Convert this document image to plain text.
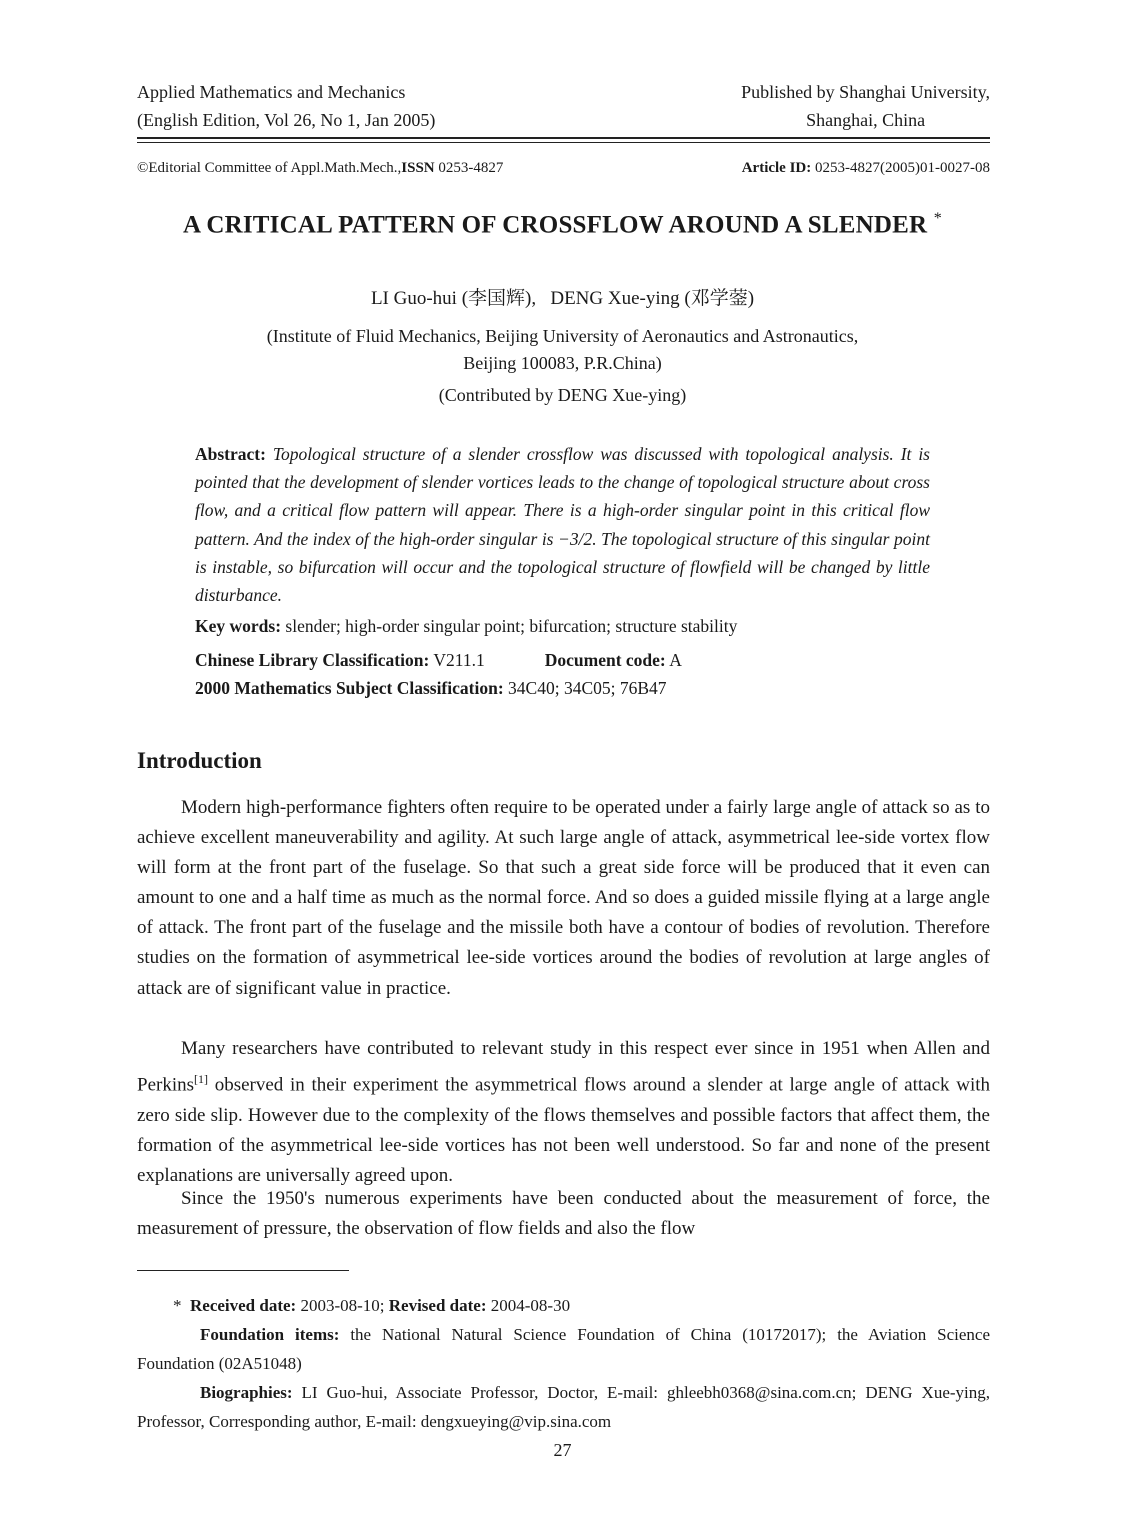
Applied Mathematics and Mechanics
(English Edition, Vol 26, No 1, Jan 2005)
Published by Shanghai University,
Shanghai, China
©Editorial Committee of Appl.Math.Mech.,ISSN 0253-4827	Article ID: 0253-4827(2005)01-0027-08
A CRITICAL PATTERN OF CROSSFLOW AROUND A SLENDER *
LI Guo-hui (李国辉),   DENG Xue-ying (邓学蓥)
(Institute of Fluid Mechanics, Beijing University of Aeronautics and Astronautics,
Beijing 100083, P.R.China)
(Contributed by DENG Xue-ying)
Abstract: Topological structure of a slender crossflow was discussed with topological analysis. It is pointed that the development of slender vortices leads to the change of topological structure about cross flow, and a critical flow pattern will appear. There is a high-order singular point in this critical flow pattern. And the index of the high-order singular is −3/2. The topological structure of this singular point is instable, so bifurcation will occur and the topological structure of flowfield will be changed by little disturbance.
Key words: slender; high-order singular point; bifurcation; structure stability
Chinese Library Classification: V211.1	Document code: A
2000 Mathematics Subject Classification: 34C40; 34C05; 76B47
Introduction

Modern high-performance fighters often require to be operated under a fairly large angle of attack so as to achieve excellent maneuverability and agility. At such large angle of attack, asymmetrical lee-side vortex flow will form at the front part of the fuselage. So that such a great side force will be produced that it even can amount to one and a half time as much as the normal force. And so does a guided missile flying at a large angle of attack. The front part of the fuselage and the missile both have a contour of bodies of revolution. Therefore studies on the formation of asymmetrical lee-side vortices around the bodies of revolution at large angles of attack are of significant value in practice.

Many researchers have contributed to relevant study in this respect ever since in 1951 when Allen and Perkins[1] observed in their experiment the asymmetrical flows around a slender at large angle of attack with zero side slip. However due to the complexity of the flows themselves and possible factors that affect them, the formation of the asymmetrical lee-side vortices has not been well understood. So far and none of the present explanations are universally agreed upon.

Since the 1950's numerous experiments have been conducted about the measurement of force, the measurement of pressure, the observation of flow fields and also the flow

* Received date: 2003-08-10; Revised date: 2004-08-30
Foundation items: the National Natural Science Foundation of China (10172017); the Aviation Science Foundation (02A51048)
Biographies: LI Guo-hui, Associate Professor, Doctor, E-mail: ghleebh0368@sina.com.cn; DENG Xue-ying, Professor, Corresponding author, E-mail: dengxueying@vip.sina.com
27
